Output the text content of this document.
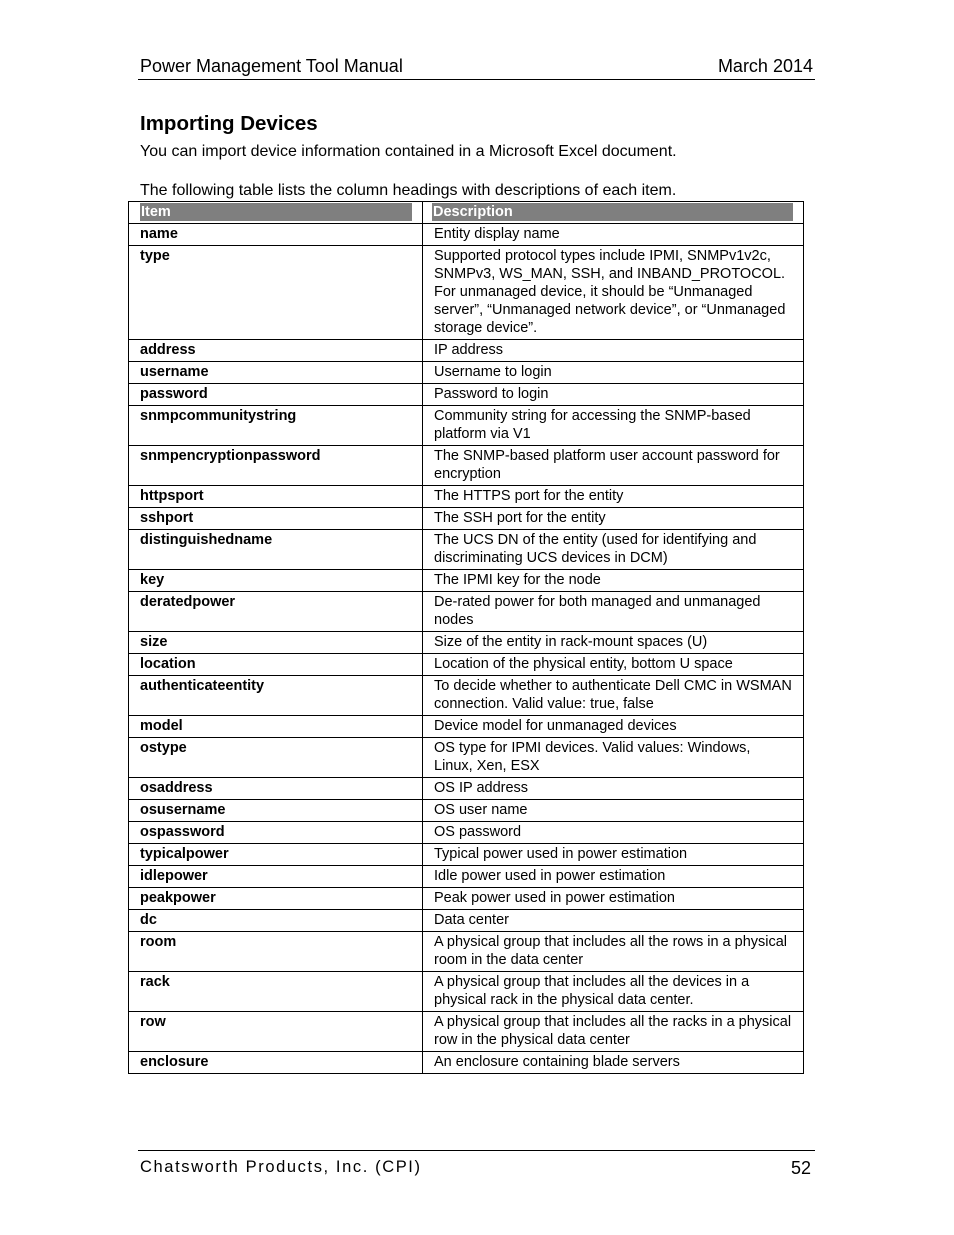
Power Management Tool Manual	March 2014
Importing Devices

You can import device information contained in a Microsoft Excel document.

The following table lists the column headings with descriptions of each item.

Item	Description

name	Entity display name
type	Supported protocol types include IPMI, SNMPv1v2c, SNMPv3, WS_MAN, SSH, and INBAND_PROTOCOL. For unmanaged device, it should be “Unmanaged server”, “Unmanaged network device”, or “Unmanaged storage device”.
address	IP address
username	Username to login
password	Password to login
snmpcommunitystring	Community string for accessing the SNMP-based platform via V1
snmpencryptionpassword	The SNMP-based platform user account password for encryption
httpsport	The HTTPS port for the entity
sshport	The SSH port for the entity
distinguishedname	The UCS DN of the entity (used for identifying and discriminating UCS devices in DCM)
key	The IPMI key for the node
deratedpower	De-rated power for both managed and unmanaged nodes
size	Size of the entity in rack-mount spaces (U)
location	Location of the physical entity, bottom U space
authenticateentity	To decide whether to authenticate Dell CMC in WSMAN connection. Valid value: true, false
model	Device model for unmanaged devices
ostype	OS type for IPMI devices. Valid values: Windows, Linux, Xen, ESX
osaddress	OS IP address
osusername	OS user name
ospassword	OS password
typicalpower	Typical power used in power estimation
idlepower	Idle power used in power estimation
peakpower	Peak power used in power estimation
dc	Data center
room	A physical group that includes all the rows in a physical room in the data center
rack	A physical group that includes all the devices in a physical rack in the physical data center.
row	A physical group that includes all the racks in a physical row in the physical data center
enclosure	An enclosure containing blade servers
Chatsworth Products, Inc. (CPI)	52
